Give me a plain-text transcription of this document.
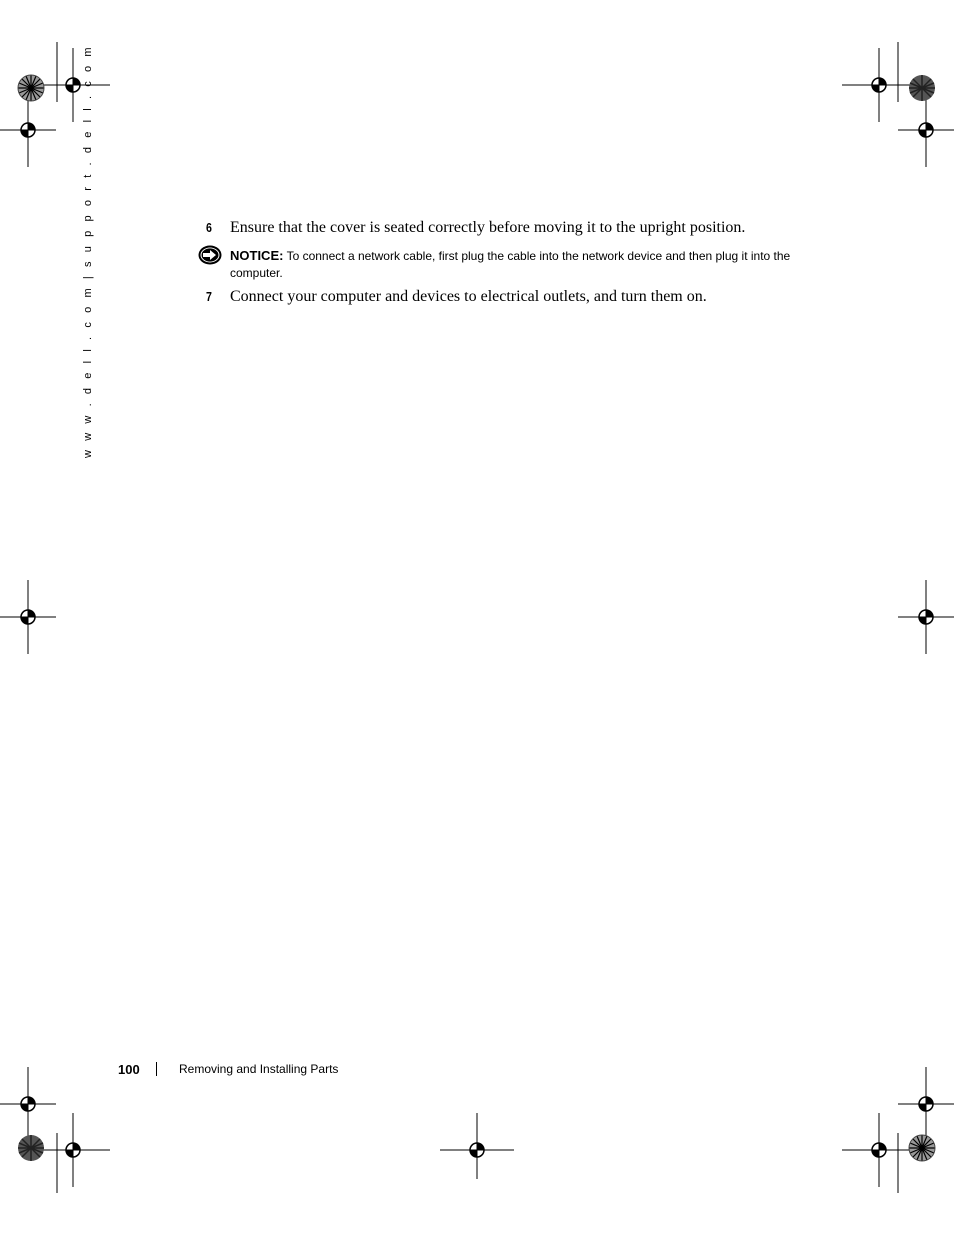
w w w . d e l l . c o m | s u p p o r t . d e l l . c o m	6 Ensure that the cover is seated correctly before moving it to the upright position.
NOTICE: To connect a network cable, first plug the cable into the network device and then plug it into the computer.
7 Connect your computer and devices to electrical outlets, and turn them on.
100	Removing and Installing Parts
